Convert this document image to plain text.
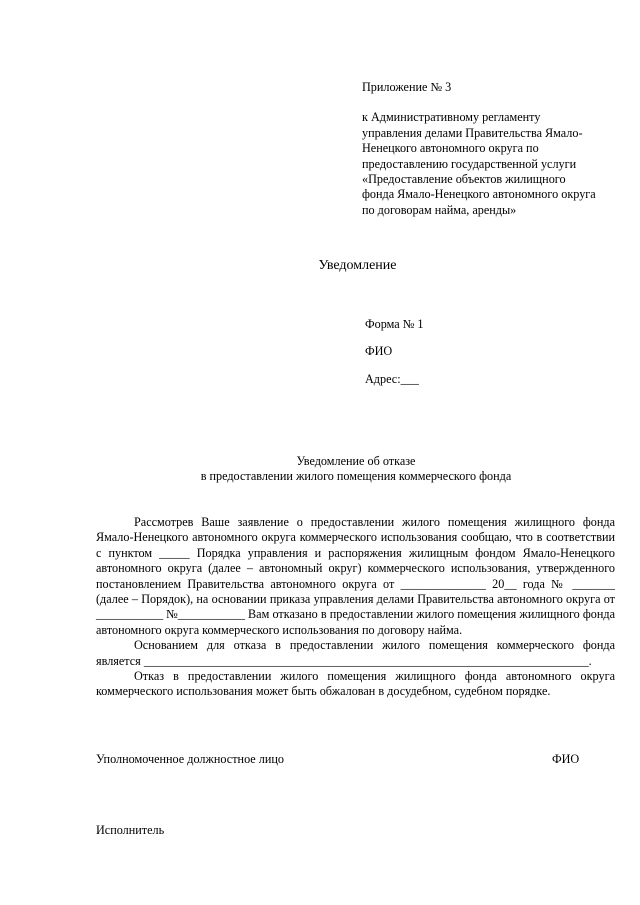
Приложение № 3
к Административному регламенту
управления делами Правительства Ямало-
Ненецкого автономного округа по
предоставлению государственной услуги
«Предоставление объектов жилищного
фонда Ямало-Ненецкого автономного округа
по договорам найма, аренды»
Уведомление
Форма № 1
ФИО
Адрес:___
Уведомление об отказе
в предоставлении жилого помещения коммерческого фонда

Рассмотрев Ваше заявление о предоставлении жилого помещения жилищного фонда Ямало-Ненецкого автономного округа коммерческого использования сообщаю, что в соответствии с пунктом _____ Порядка управления и распоряжения жилищным фондом Ямало-Ненецкого автономного округа (далее – автономный округ) коммерческого использования, утвержденного постановлением Правительства автономного округа от ______________ 20__ года № _______ (далее – Порядок), на основании приказа управления делами Правительства автономного округа от ___________ №___________ Вам отказано в предоставлении жилого помещения жилищного фонда автономного округа коммерческого использования по договору найма.

Основанием для отказа в предоставлении жилого помещения коммерческого фонда является _________________________________________________________________________.

Отказ в предоставлении жилого помещения жилищного фонда автономного округа коммерческого использования может быть обжалован в досудебном, судебном порядке.

Уполномоченное должностное лицо	ФИО
Исполнитель
